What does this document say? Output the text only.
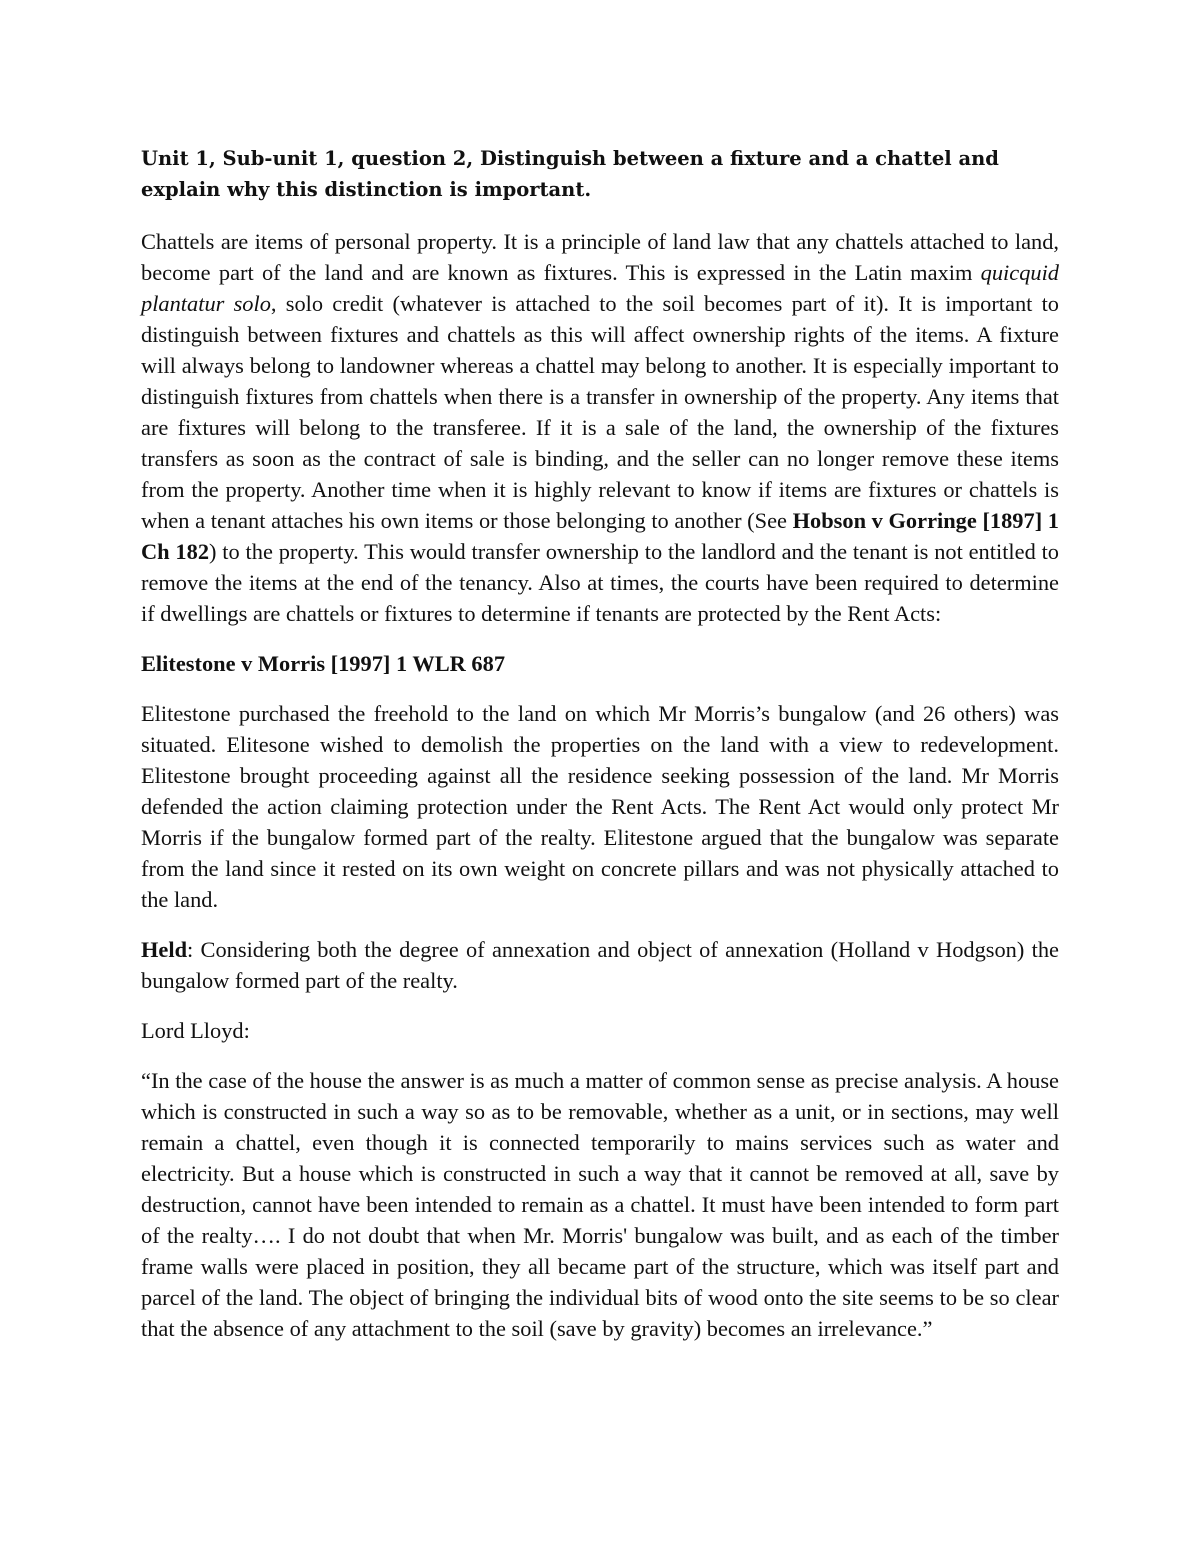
Unit 1, Sub-unit 1, question 2, Distinguish between a fixture and a chattel and explain why this distinction is important.

Chattels are items of personal property. It is a principle of land law that any chattels attached to land, become part of the land and are known as fixtures. This is expressed in the Latin maxim quicquid plantatur solo, solo credit (whatever is attached to the soil becomes part of it). It is important to distinguish between fixtures and chattels as this will affect ownership rights of the items. A fixture will always belong to landowner whereas a chattel may belong to another. It is especially important to distinguish fixtures from chattels when there is a transfer in ownership of the property. Any items that are fixtures will belong to the transferee. If it is a sale of the land, the ownership of the fixtures transfers as soon as the contract of sale is binding, and the seller can no longer remove these items from the property. Another time when it is highly relevant to know if items are fixtures or chattels is when a tenant attaches his own items or those belonging to another (See Hobson v Gorringe [1897] 1 Ch 182) to the property. This would transfer ownership to the landlord and the tenant is not entitled to remove the items at the end of the tenancy. Also at times, the courts have been required to determine if dwellings are chattels or fixtures to determine if tenants are protected by the Rent Acts:

Elitestone v Morris [1997] 1 WLR 687

Elitestone purchased the freehold to the land on which Mr Morris’s bungalow (and 26 others) was situated. Elitesone wished to demolish the properties on the land with a view to redevelopment. Elitestone brought proceeding against all the residence seeking possession of the land. Mr Morris defended the action claiming protection under the Rent Acts. The Rent Act would only protect Mr Morris if the bungalow formed part of the realty. Elitestone argued that the bungalow was separate from the land since it rested on its own weight on concrete pillars and was not physically attached to the land.

Held: Considering both the degree of annexation and object of annexation (Holland v Hodgson) the bungalow formed part of the realty.

Lord Lloyd:

“In the case of the house the answer is as much a matter of common sense as precise analysis. A house which is constructed in such a way so as to be removable, whether as a unit, or in sections, may well remain a chattel, even though it is connected temporarily to mains services such as water and electricity. But a house which is constructed in such a way that it cannot be removed at all, save by destruction, cannot have been intended to remain as a chattel. It must have been intended to form part of the realty…. I do not doubt that when Mr. Morris' bungalow was built, and as each of the timber frame walls were placed in position, they all became part of the structure, which was itself part and parcel of the land. The object of bringing the individual bits of wood onto the site seems to be so clear that the absence of any attachment to the soil (save by gravity) becomes an irrelevance.”
